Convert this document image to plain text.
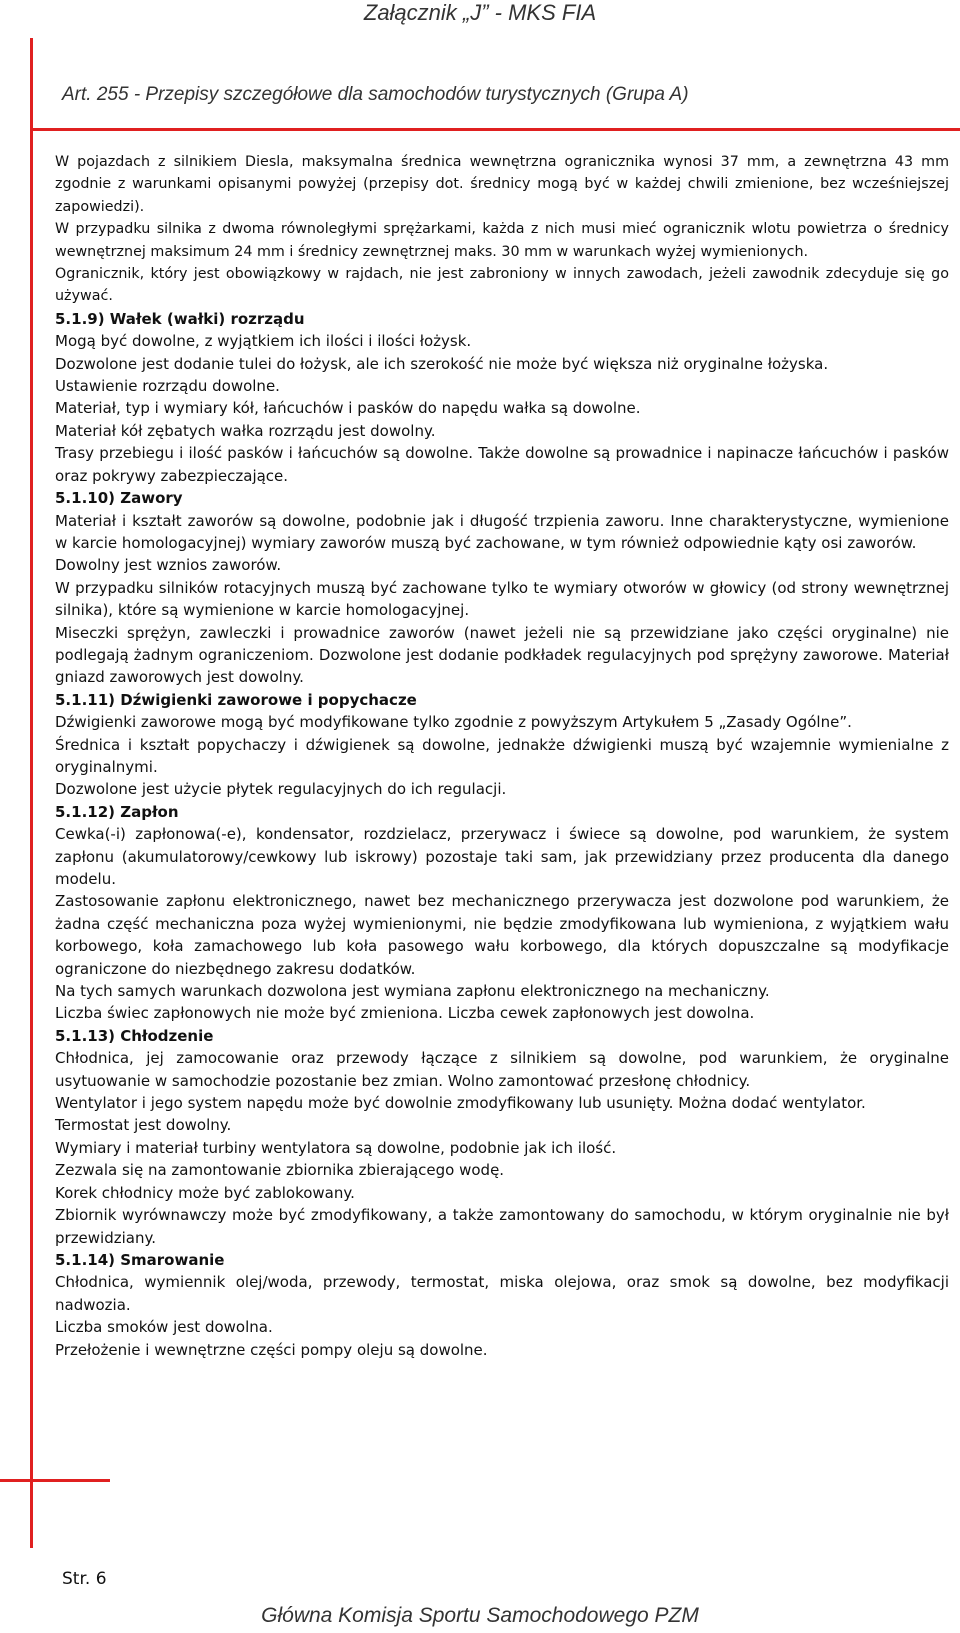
Załącznik „J” - MKS FIA
Art. 255 - Przepisy szczegółowe dla samochodów turystycznych (Grupa A)

W pojazdach z silnikiem Diesla, maksymalna średnica wewnętrzna ogranicznika wynosi 37 mm, a zewnętrzna 43 mm zgodnie z warunkami opisanymi powyżej (przepisy dot. średnicy mogą być w każdej chwili zmienione, bez wcześniejszej zapowiedzi).

W przypadku silnika z dwoma równoległymi sprężarkami, każda z nich musi mieć ogranicznik wlotu powietrza o średnicy wewnętrznej maksimum 24 mm i średnicy zewnętrznej maks. 30 mm w warunkach wyżej wymienionych.

Ogranicznik, który jest obowiązkowy w rajdach, nie jest zabroniony w innych zawodach, jeżeli zawodnik zdecyduje się go używać.

5.1.9) Wałek (wałki) rozrządu

Mogą być dowolne, z wyjątkiem ich ilości i ilości łożysk.

Dozwolone jest dodanie tulei do łożysk, ale ich szerokość nie może być większa niż oryginalne łożyska.

Ustawienie rozrządu dowolne.

Materiał, typ i wymiary kół, łańcuchów i pasków do napędu wałka są dowolne.

Materiał kół zębatych wałka rozrządu jest dowolny.

Trasy przebiegu i ilość pasków i łańcuchów są dowolne. Także dowolne są prowadnice i napinacze łańcuchów i pasków oraz pokrywy zabezpieczające.

5.1.10) Zawory

Materiał i kształt zaworów są dowolne, podobnie jak i długość trzpienia zaworu. Inne charakterystyczne, wymienione w karcie homologacyjnej) wymiary zaworów muszą być zachowane, w tym również odpowiednie kąty osi zaworów.

Dowolny jest wznios zaworów.

W przypadku silników rotacyjnych muszą być zachowane tylko te wymiary otworów w głowicy (od strony wewnętrznej silnika), które są wymienione w karcie homologacyjnej.

Miseczki sprężyn, zawleczki i prowadnice zaworów (nawet jeżeli nie są przewidziane jako części oryginalne) nie podlegają żadnym ograniczeniom. Dozwolone jest dodanie podkładek regulacyjnych pod sprężyny zaworowe. Materiał gniazd zaworowych jest dowolny.

5.1.11) Dźwigienki zaworowe i popychacze

Dźwigienki zaworowe mogą być modyfikowane tylko zgodnie z powyższym Artykułem 5 „Zasady Ogólne”.

Średnica i kształt popychaczy i dźwigienek są dowolne, jednakże dźwigienki muszą być wzajemnie wymienialne z oryginalnymi.

Dozwolone jest użycie płytek regulacyjnych do ich regulacji.

5.1.12) Zapłon

Cewka(-i) zapłonowa(-e), kondensator, rozdzielacz, przerywacz i świece są dowolne, pod warunkiem, że system zapłonu (akumulatorowy/cewkowy lub iskrowy) pozostaje taki sam, jak przewidziany przez producenta dla danego modelu.

Zastosowanie zapłonu elektronicznego, nawet bez mechanicznego przerywacza jest dozwolone pod warunkiem, że żadna część mechaniczna poza wyżej wymienionymi, nie będzie zmodyfikowana lub wymieniona, z wyjątkiem wału korbowego, koła zamachowego lub koła pasowego wału korbowego, dla których dopuszczalne są modyfikacje ograniczone do niezbędnego zakresu dodatków.

Na tych samych warunkach dozwolona jest wymiana zapłonu elektronicznego na mechaniczny.

Liczba świec zapłonowych nie może być zmieniona. Liczba cewek zapłonowych jest dowolna.

5.1.13) Chłodzenie

Chłodnica, jej zamocowanie oraz przewody łączące z silnikiem są dowolne, pod warunkiem, że oryginalne usytuowanie w samochodzie pozostanie bez zmian. Wolno zamontować przesłonę chłodnicy.

Wentylator i jego system napędu może być dowolnie zmodyfikowany lub usunięty. Można dodać wentylator.

Termostat jest dowolny.

Wymiary i materiał turbiny wentylatora są dowolne, podobnie jak ich ilość.

Zezwala się na zamontowanie zbiornika zbierającego wodę.

Korek chłodnicy może być zablokowany.

Zbiornik wyrównawczy może być zmodyfikowany, a także zamontowany do samochodu, w którym oryginalnie nie był przewidziany.

5.1.14) Smarowanie

Chłodnica, wymiennik olej/woda, przewody, termostat, miska olejowa, oraz smok są dowolne, bez modyfikacji nadwozia.

Liczba smoków jest dowolna.

Przełożenie i wewnętrzne części pompy oleju są dowolne.

Str. 6
Główna Komisja Sportu Samochodowego PZM
